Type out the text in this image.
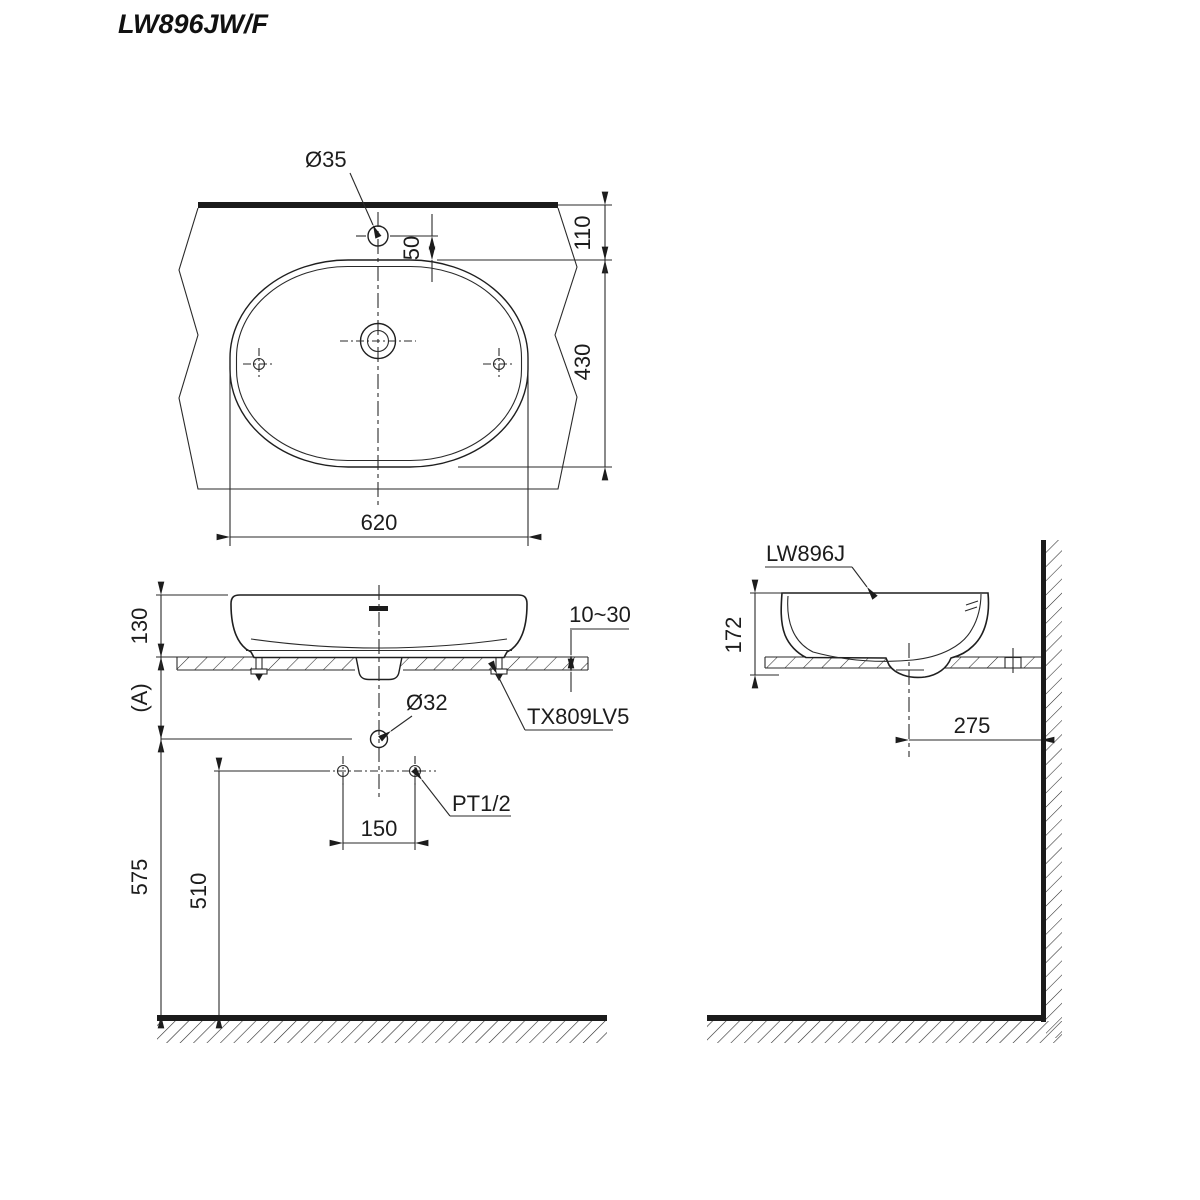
LW896JW/F
620
110
430
50
Ø35
Ø32
PT1/2
TX809LV5
10~30
150
130
(A)
575 510
LW896J
172
275
